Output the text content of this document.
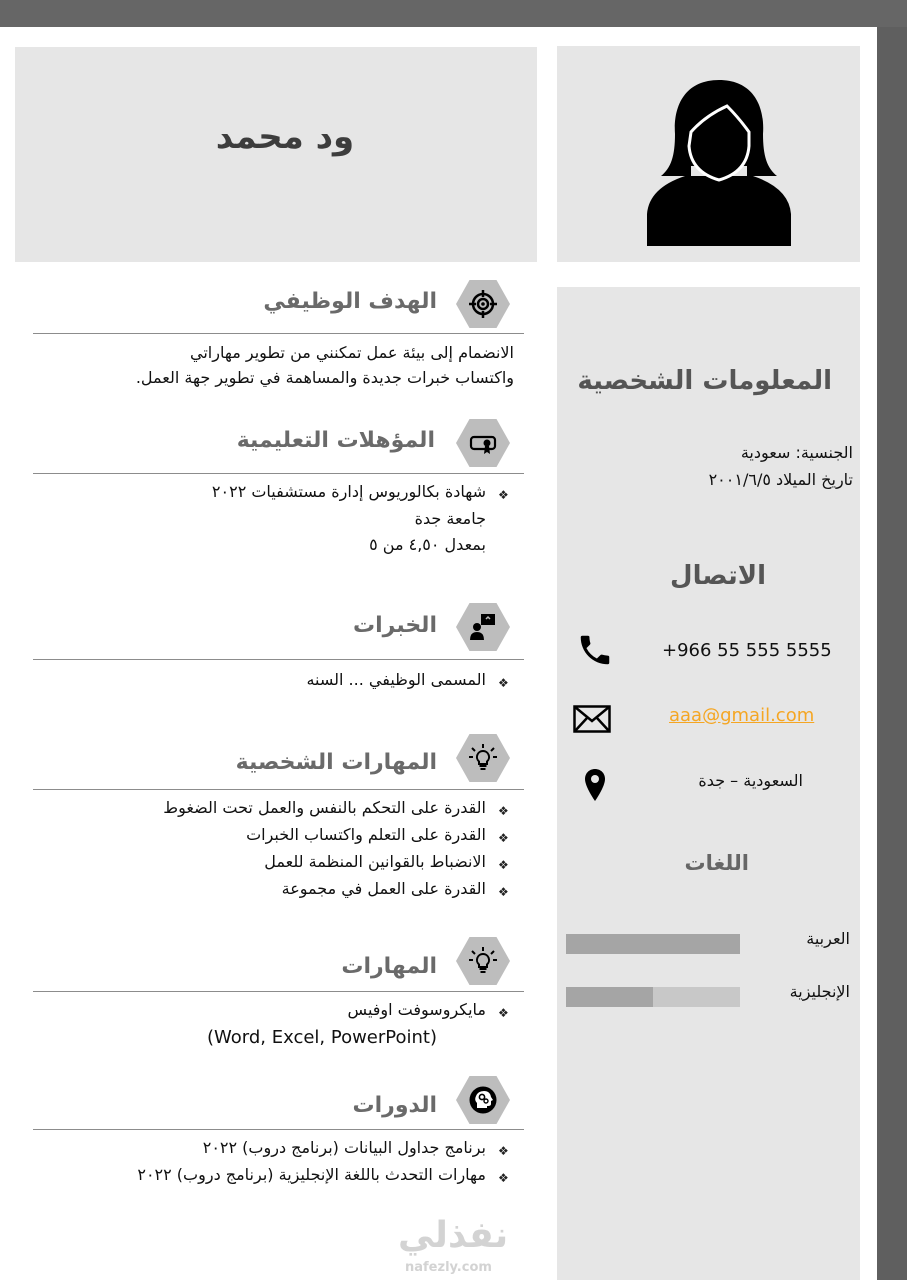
ود محمد
المعلومات الشخصية
الجنسية: سعودية
تاريخ الميلاد ٢٠٠١/٦/٥
الاتصال
+966 55 555 5555
aaa@gmail.com
السعودية – جدة
اللغات
العربية
الإنجليزية
الهدف الوظيفي
الانضمام إلى بيئة عمل تمكنني من تطوير مهاراتي
واكتساب خبرات جديدة والمساهمة في تطوير جهة العمل.
المؤهلات التعليمية
❖
شهادة بكالوريوس إدارة مستشفيات ٢٠٢٢
جامعة جدة
بمعدل ٤,٥٠ من ٥
الخبرات
❖
المسمى الوظيفي ... السنه
المهارات الشخصية
❖
القدرة على التحكم بالنفس والعمل تحت الضغوط
❖
القدرة على التعلم واكتساب الخبرات
❖
الانضباط بالقوانين المنظمة للعمل
❖
القدرة على العمل في مجموعة
المهارات
❖
مايكروسوفت اوفيس
(Word, Excel, PowerPoint)
الدورات
❖
برنامج جداول البيانات (برنامج دروب) ٢٠٢٢
❖
مهارات التحدث باللغة الإنجليزية (برنامج دروب) ٢٠٢٢
نفذلي
nafezly.com
